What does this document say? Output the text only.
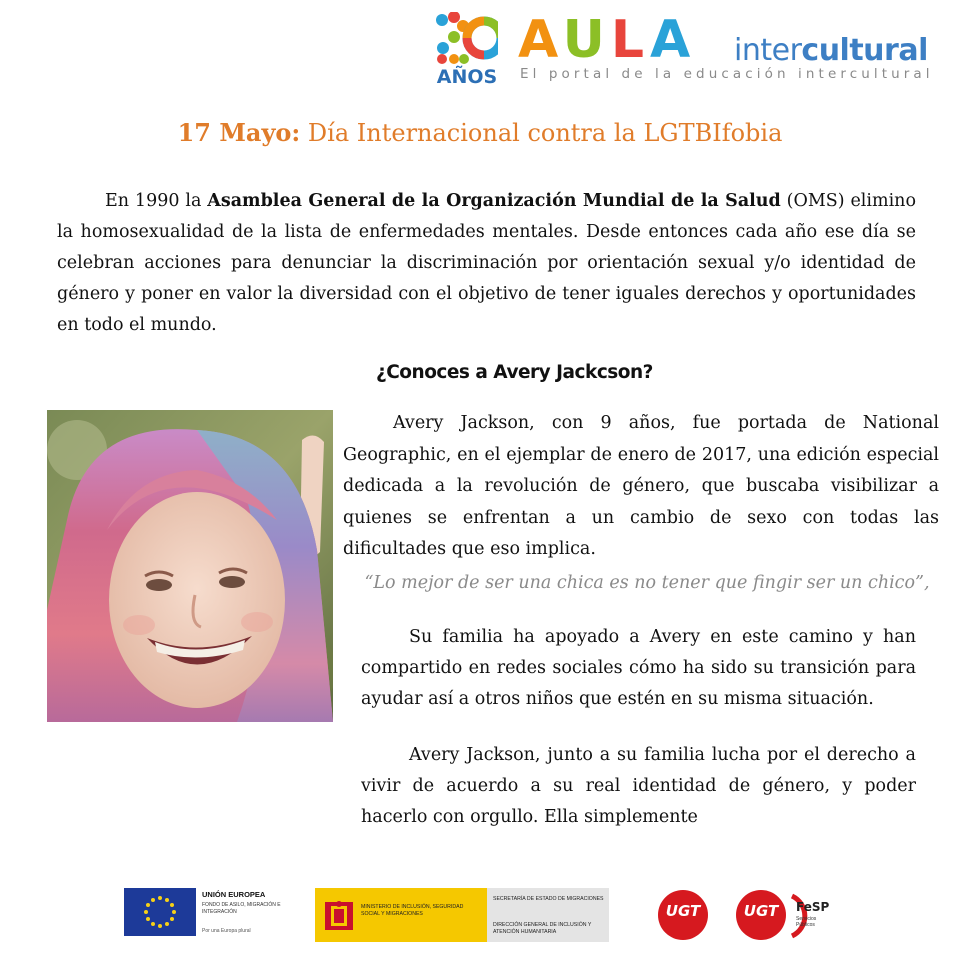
AÑOS
AULA intercultural
El portal de la educación intercultural
17 Mayo: Día Internacional contra la LGTBIfobia
En 1990 la Asamblea General de la Organización Mundial de la Salud (OMS) elimino la homosexualidad de la lista de enfermedades mentales. Desde entonces cada año ese día se celebran acciones para denunciar la discriminación por orientación sexual y/o identidad de género y poner en valor la diversidad con el objetivo de tener iguales derechos y oportunidades en todo el mundo.
¿Conoces a Avery Jackcson?
Avery Jackson, con 9 años, fue portada de National Geographic, en el ejemplar de enero de 2017, una edición especial dedicada a la revolución de género, que buscaba visibilizar a quienes se enfrentan a un cambio de sexo con todas las dificultades que eso implica.
“Lo mejor de ser una chica es no tener que fingir ser un chico”,
Su familia ha apoyado a Avery en este camino y han compartido en redes sociales cómo ha sido su transición para ayudar así a otros niños que estén en su misma situación.
Avery Jackson, junto a su familia lucha por el derecho a vivir de acuerdo a su real identidad de género, y poder hacerlo con orgullo. Ella simplemente
UNIÓN EUROPEA
FONDO DE ASILO, MIGRACIÓN E INTEGRACIÓN
Por una Europa plural
MINISTERIO DE INCLUSIÓN, SEGURIDAD SOCIAL Y MIGRACIONES
SECRETARÍA DE ESTADO DE MIGRACIONES
DIRECCIÓN GENERAL DE INCLUSIÓN Y ATENCIÓN HUMANITARIA
UGT	UGT	FeSP
Servicios Públicos
